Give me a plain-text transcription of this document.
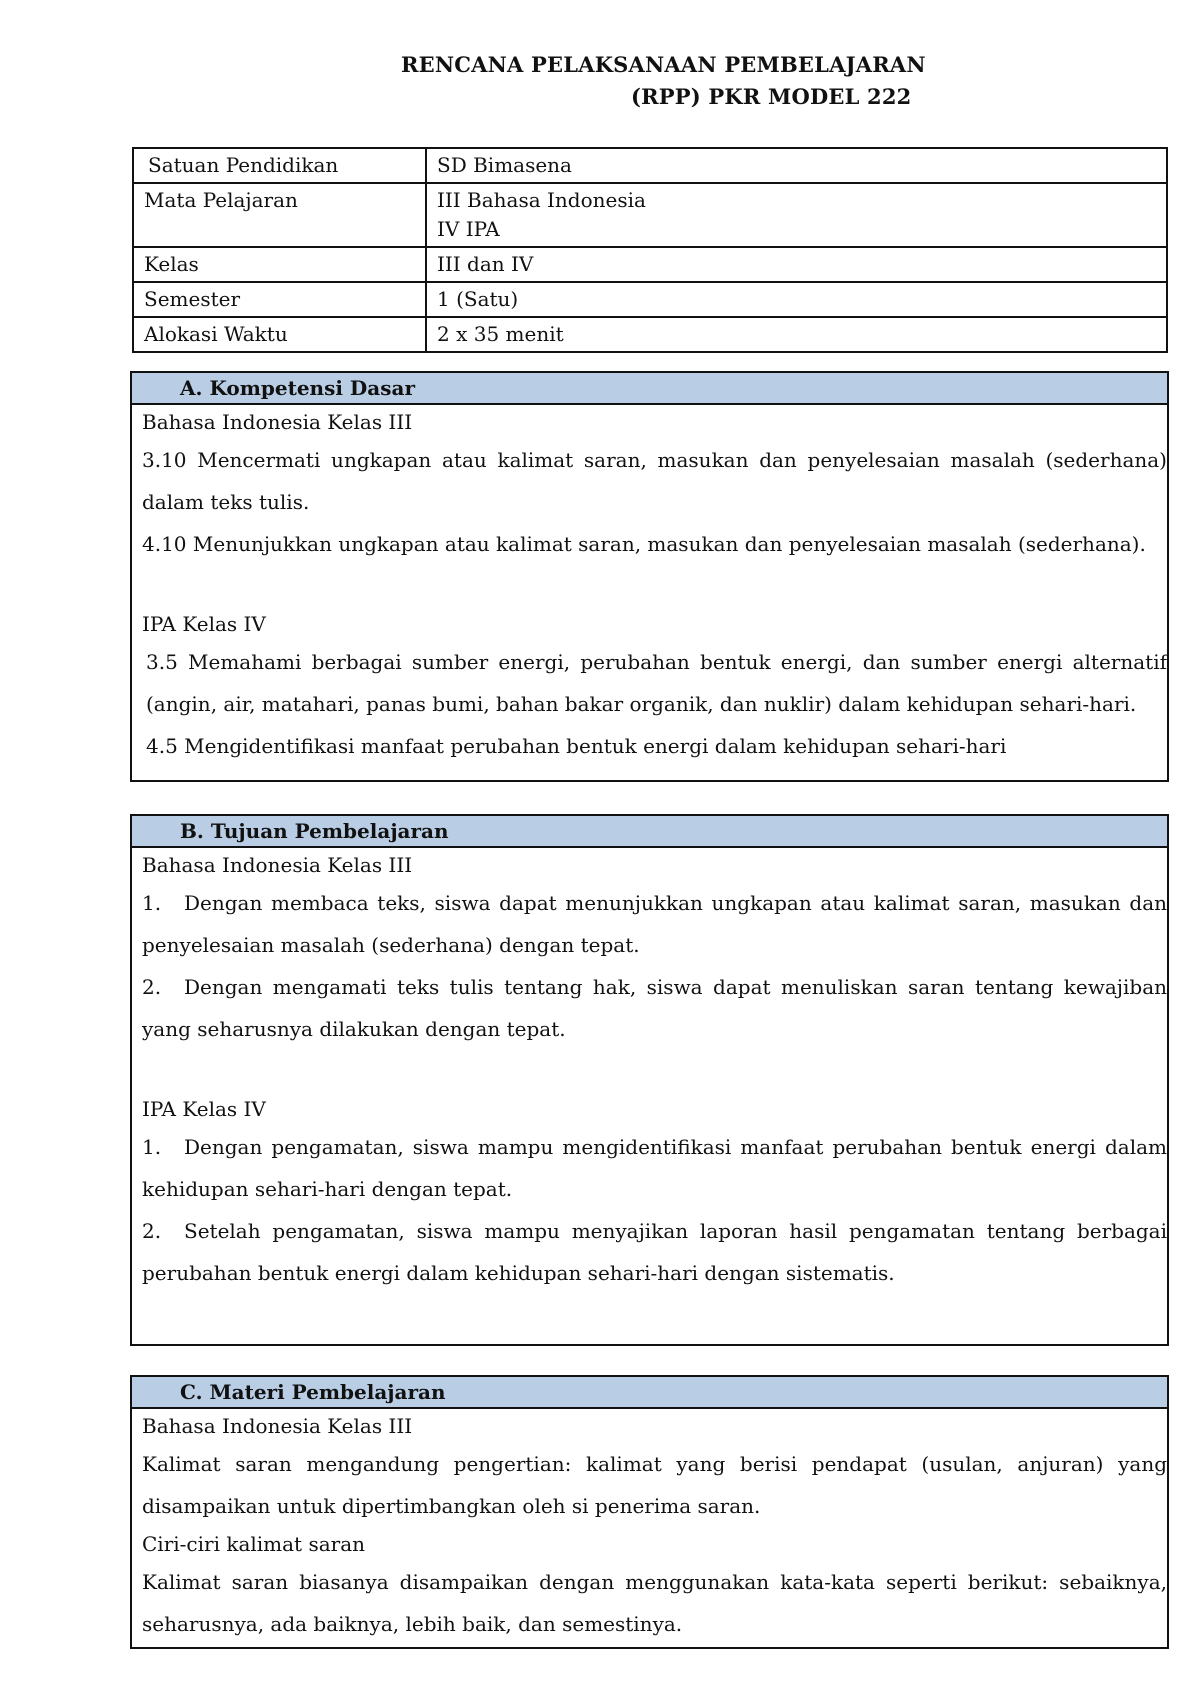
RENCANA PELAKSANAAN PEMBELAJARAN
(RPP) PKR MODEL 222
Satuan Pendidikan	SD Bimasena
Mata Pelajaran	III Bahasa Indonesia
IV IPA

Kelas	III dan IV
Semester	1 (Satu)
Alokasi Waktu	2 x 35 menit
A. Kompetensi Dasar

Bahasa Indonesia Kelas III

3.10 Mencermati ungkapan atau kalimat saran, masukan dan penyelesaian masalah (sederhana) dalam teks tulis.

4.10 Menunjukkan ungkapan atau kalimat saran, masukan dan penyelesaian masalah (sederhana).

IPA Kelas IV

3.5 Memahami berbagai sumber energi, perubahan bentuk energi, dan sumber energi alternatif (angin, air, matahari, panas bumi, bahan bakar organik, dan nuklir) dalam kehidupan sehari-hari.

4.5 Mengidentifikasi manfaat perubahan bentuk energi dalam kehidupan sehari-hari

B. Tujuan Pembelajaran

Bahasa Indonesia Kelas III

1. Dengan membaca teks, siswa dapat menunjukkan ungkapan atau kalimat saran, masukan dan penyelesaian masalah (sederhana) dengan tepat.

2. Dengan mengamati teks tulis tentang hak, siswa dapat menuliskan saran tentang kewajiban yang seharusnya dilakukan dengan tepat.

IPA Kelas IV

1. Dengan pengamatan, siswa mampu mengidentifikasi manfaat perubahan bentuk energi dalam kehidupan sehari-hari dengan tepat.

2. Setelah pengamatan, siswa mampu menyajikan laporan hasil pengamatan tentang berbagai perubahan bentuk energi dalam kehidupan sehari-hari dengan sistematis.

C. Materi Pembelajaran

Bahasa Indonesia Kelas III

Kalimat saran mengandung pengertian: kalimat yang berisi pendapat (usulan, anjuran) yang disampaikan untuk dipertimbangkan oleh si penerima saran.

Ciri-ciri kalimat saran

Kalimat saran biasanya disampaikan dengan menggunakan kata-kata seperti berikut: sebaiknya, seharusnya, ada baiknya, lebih baik, dan semestinya.
